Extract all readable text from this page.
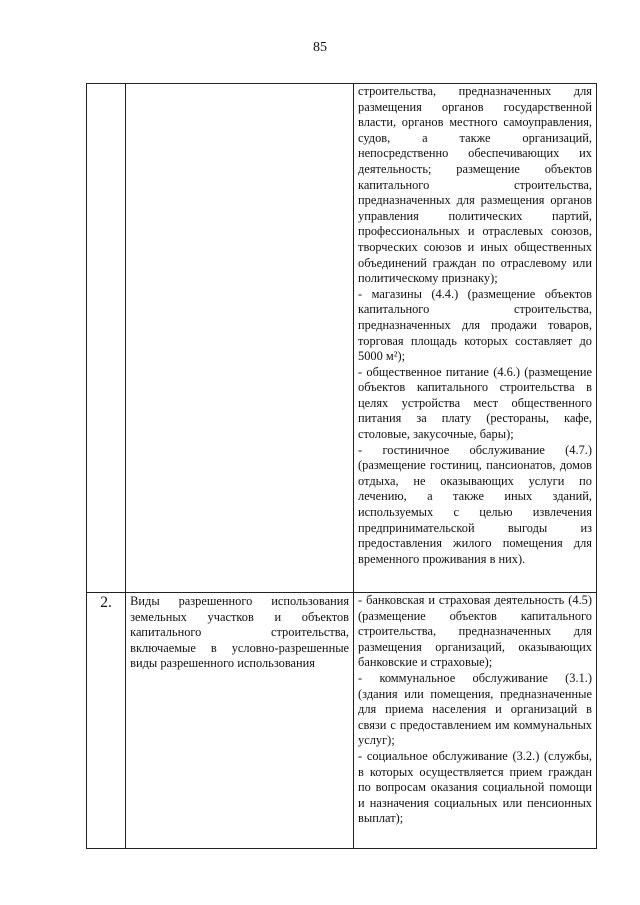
85

		строительства, предназначенных для размещения органов государственной власти, органов местного самоуправления, судов, а также организаций, непосредственно обеспечивающих их деятельность; размещение объектов капитального строительства, предназначенных для размещения органов управления политических партий, профессиональных и отраслевых союзов, творческих союзов и иных общественных объединений граждан по отраслевому или политическому признаку);
- магазины (4.4.) (размещение объектов капитального строительства, предназначенных для продажи товаров, торговая площадь которых составляет до 5000 м²);
- общественное питание (4.6.) (размещение объектов капитального строительства в целях устройства мест общественного питания за плату (рестораны, кафе, столовые, закусочные, бары);
- гостиничное обслуживание (4.7.) (размещение гостиниц, пансионатов, домов отдыха, не оказывающих услуги по лечению, а также иных зданий, используемых с целью извлечения предпринимательской выгоды из предоставления жилого помещения для временного проживания в них).

2.	Виды разрешенного использования земельных участков и объектов капитального строительства, включаемые в условно-разрешенные виды разрешенного использования	- банковская и страховая деятельность (4.5) (размещение объектов капитального строительства, предназначенных для размещения организаций, оказывающих банковские и страховые);
- коммунальное обслуживание (3.1.) (здания или помещения, предназначенные для приема населения и организаций в связи с предоставлением им коммунальных услуг);
- социальное обслуживание (3.2.) (службы, в которых осуществляется прием граждан по вопросам оказания социальной помощи и назначения социальных или пенсионных выплат);
